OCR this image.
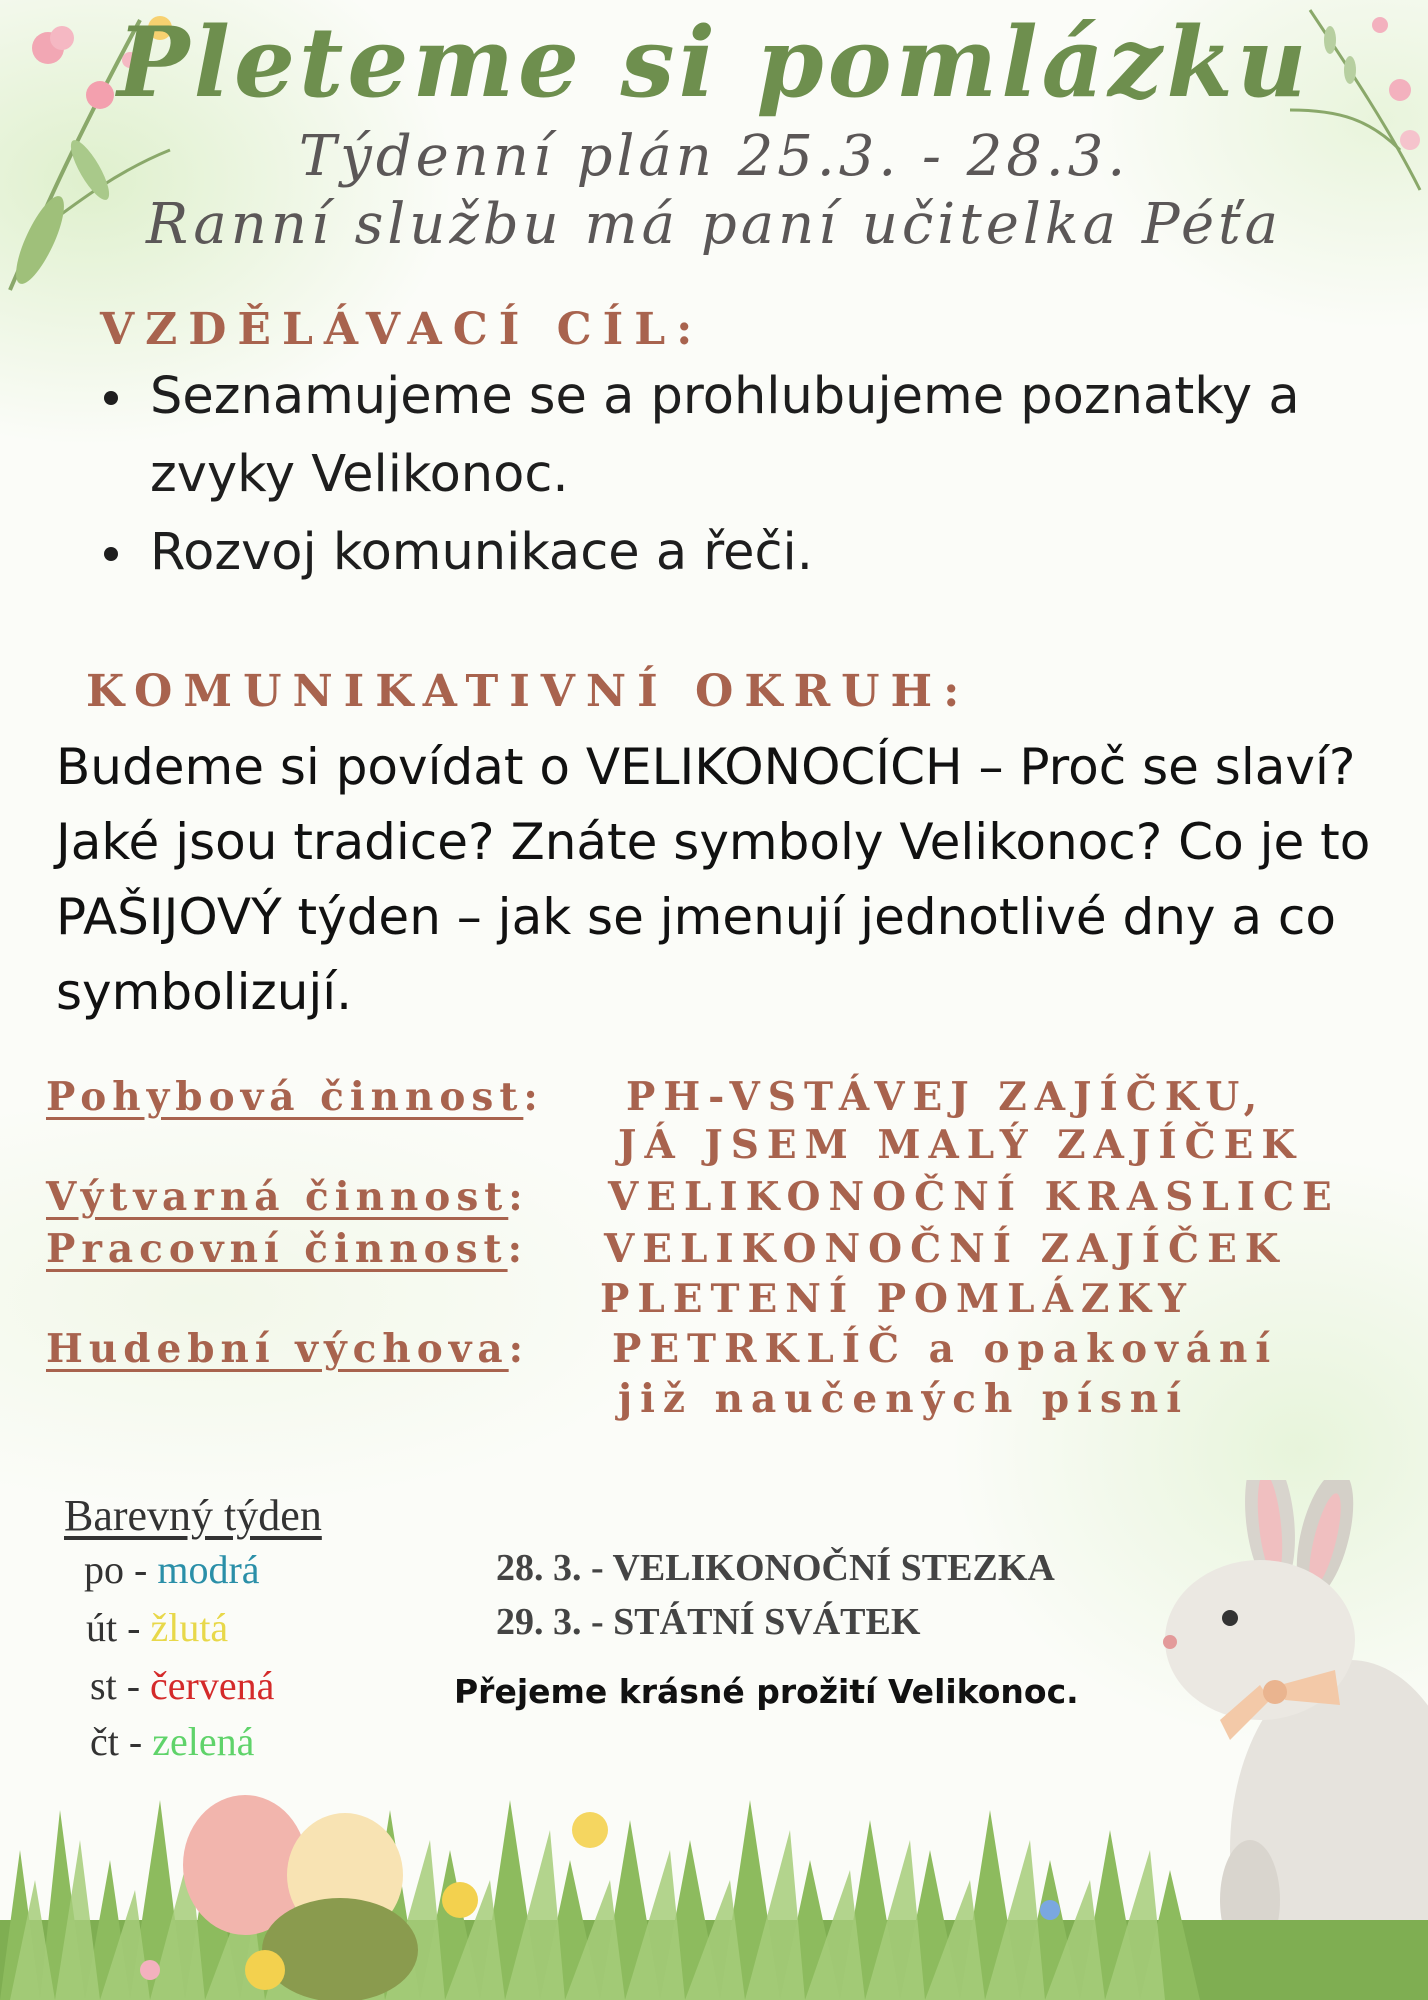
Pleteme si pomlázku
Týdenní plán 25.3. - 28.3.
Ranní službu má paní učitelka Péťa
VZDĚLÁVACÍ CÍL:
Seznamujeme se a prohlubujeme poznatky a zvyky Velikonoc.
Rozvoj komunikace a řeči.
KOMUNIKATIVNÍ OKRUH:
Budeme si povídat o VELIKONOCÍCH – Proč se slaví? Jaké jsou tradice? Znáte symboly Velikonoc? Co je to PAŠIJOVÝ týden – jak se jmenují jednotlivé dny a co symbolizují.
Pohybová činnost: PH-VSTÁVEJ ZAJÍČKU,
JÁ JSEM MALÝ ZAJÍČEK
Výtvarná činnost: VELIKONOČNÍ KRASLICE
Pracovní činnost: VELIKONOČNÍ ZAJÍČEK
PLETENÍ POMLÁZKY
Hudební výchova: PETRKLÍČ a opakování
již naučených písní
Barevný týden
po - modrá
út - žlutá
st - červená
čt - zelená
28. 3. - VELIKONOČNÍ STEZKA
29. 3. - STÁTNÍ SVÁTEK
Přejeme krásné prožití Velikonoc.
